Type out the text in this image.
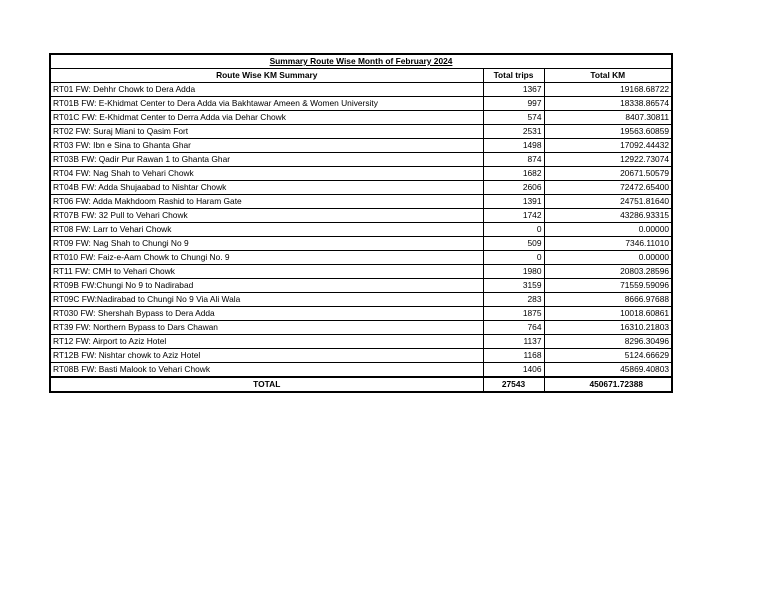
Summary Route Wise Month of February 2024		
Route Wise KM Summary	Total trips	Total KM
RT01 FW: Dehhr Chowk to Dera Adda	1367	19168.68722
RT01B FW: E-Khidmat Center to Dera Adda via Bakhtawar Ameen & Women University	997	18338.86574
RT01C FW: E-Khidmat Center to Derra Adda via Dehar Chowk	574	8407.30811
RT02 FW: Suraj Miani to Qasim Fort	2531	19563.60859
RT03 FW: Ibn e Sina to Ghanta Ghar	1498	17092.44432
RT03B FW: Qadir Pur Rawan 1 to Ghanta Ghar	874	12922.73074
RT04 FW: Nag Shah to Vehari Chowk	1682	20671.50579
RT04B FW: Adda Shujaabad to Nishtar Chowk	2606	72472.65400
RT06 FW: Adda Makhdoom Rashid to Haram Gate	1391	24751.81640
RT07B FW: 32 Pull to Vehari Chowk	1742	43286.93315
RT08 FW: Larr to Vehari Chowk	0	0.00000
RT09 FW: Nag Shah to Chungi No 9	509	7346.11010
RT010 FW: Faiz-e-Aam Chowk to Chungi No. 9	0	0.00000
RT11 FW: CMH to Vehari Chowk	1980	20803.28596
RT09B FW:Chungi No 9 to Nadirabad	3159	71559.59096
RT09C FW:Nadirabad to Chungi No 9 Via Ali Wala	283	8666.97688
RT030 FW: Shershah Bypass to Dera Adda	1875	10018.60861
RT39 FW: Northern Bypass to Dars Chawan	764	16310.21803
RT12 FW: Airport to Aziz Hotel	1137	8296.30496
RT12B FW: Nishtar chowk to Aziz Hotel	1168	5124.66629
RT08B FW: Basti Malook to Vehari Chowk	1406	45869.40803
TOTAL	27543	450671.72388
